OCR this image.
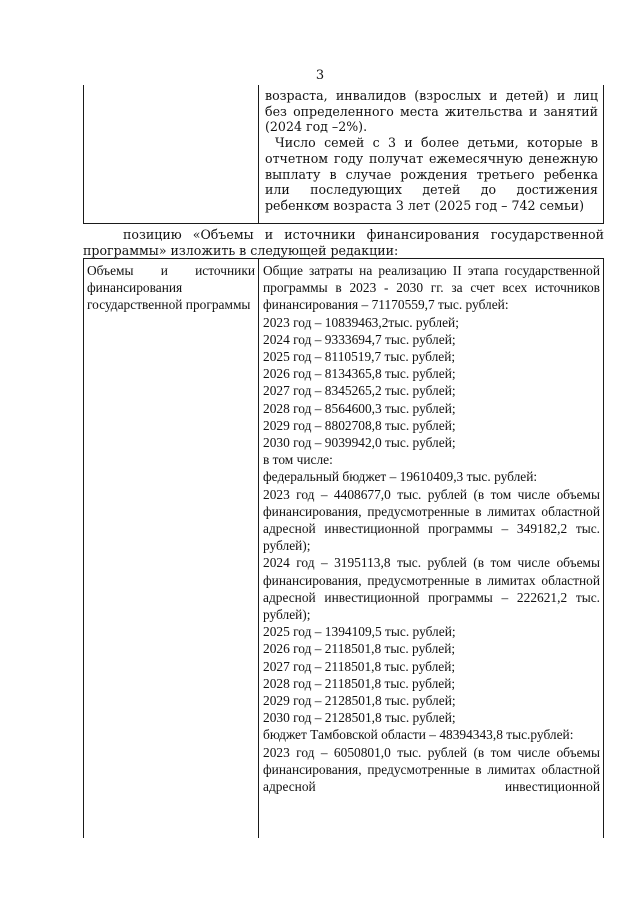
3

возраста, инвалидов (взрослых и детей) и лиц без определенного места жительства и занятий (2024 год –2%).

Число семей с 3 и более детьми, которые в отчетном году получат ежемесячную денежную выплату в случае рождения третьего ребенка или последующих детей до достижения ребенком возраста 3 лет (2025 год – 742 семьи)

позицию «Объемы и источники финансирования государственной программы» изложить в следующей редакции:

Объемы и источники финансирования государственной программы

Общие затраты на реализацию II этапа государственной программы в 2023 - 2030 гг. за счет всех источников финансирования – 71170559,7 тыс. рублей:

2023 год – 10839463,2тыс. рублей;

2024 год – 9333694,7 тыс. рублей;

2025 год – 8110519,7 тыс. рублей;

2026 год – 8134365,8 тыс. рублей;

2027 год – 8345265,2 тыс. рублей;

2028 год – 8564600,3 тыс. рублей;

2029 год – 8802708,8 тыс. рублей;

2030 год – 9039942,0 тыс. рублей;

в том числе:

федеральный бюджет – 19610409,3 тыс. рублей:

2023 год – 4408677,0 тыс. рублей (в том числе объемы финансирования, предусмотренные в лимитах областной адресной инвестиционной программы – 349182,2 тыс. рублей);

2024 год – 3195113,8 тыс. рублей (в том числе объемы финансирования, предусмотренные в лимитах областной адресной инвестиционной программы – 222621,2 тыс. рублей);

2025 год – 1394109,5 тыс. рублей;

2026 год – 2118501,8 тыс. рублей;

2027 год – 2118501,8 тыс. рублей;

2028 год – 2118501,8 тыс. рублей;

2029 год – 2128501,8 тыс. рублей;

2030 год – 2128501,8 тыс. рублей;

бюджет Тамбовской области – 48394343,8 тыс.рублей:

2023 год – 6050801,0 тыс. рублей (в том числе объемы финансирования, предусмотренные в лимитах областной адресной инвестиционной
